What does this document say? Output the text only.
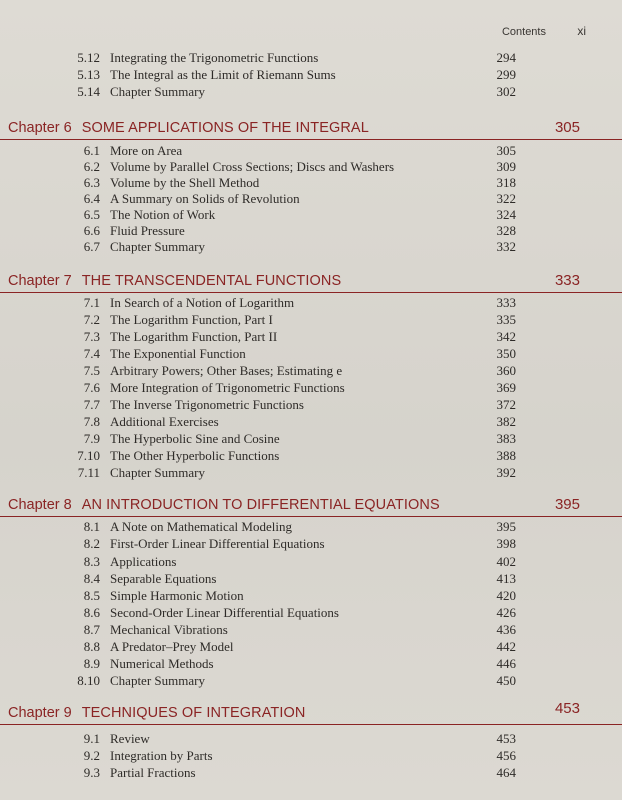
Contents	xi
5.12 Integrating the Trigonometric Functions	294
5.13 The Integral as the Limit of Riemann Sums	299
5.14 Chapter Summary	302
Chapter 6 SOME APPLICATIONS OF THE INTEGRAL	305
6.1 More on Area	305
6.2 Volume by Parallel Cross Sections; Discs and Washers	309
6.3 Volume by the Shell Method	318
6.4 A Summary on Solids of Revolution	322
6.5 The Notion of Work	324
6.6 Fluid Pressure	328
6.7 Chapter Summary	332
Chapter 7 THE TRANSCENDENTAL FUNCTIONS	333
7.1 In Search of a Notion of Logarithm	333
7.2 The Logarithm Function, Part I	335
7.3 The Logarithm Function, Part II	342
7.4 The Exponential Function	350
7.5 Arbitrary Powers; Other Bases; Estimating e	360
7.6 More Integration of Trigonometric Functions	369
7.7 The Inverse Trigonometric Functions	372
7.8 Additional Exercises	382
7.9 The Hyperbolic Sine and Cosine	383
7.10 The Other Hyperbolic Functions	388
7.11 Chapter Summary	392
Chapter 8 AN INTRODUCTION TO DIFFERENTIAL EQUATIONS	395
8.1 A Note on Mathematical Modeling	395
8.2 First-Order Linear Differential Equations	398
8.3 Applications	402
8.4 Separable Equations	413
8.5 Simple Harmonic Motion	420
8.6 Second-Order Linear Differential Equations	426
8.7 Mechanical Vibrations	436
8.8 A Predator–Prey Model	442
8.9 Numerical Methods	446
8.10 Chapter Summary	450
Chapter 9 TECHNIQUES OF INTEGRATION	453
9.1 Review	453
9.2 Integration by Parts	456
9.3 Partial Fractions	464
